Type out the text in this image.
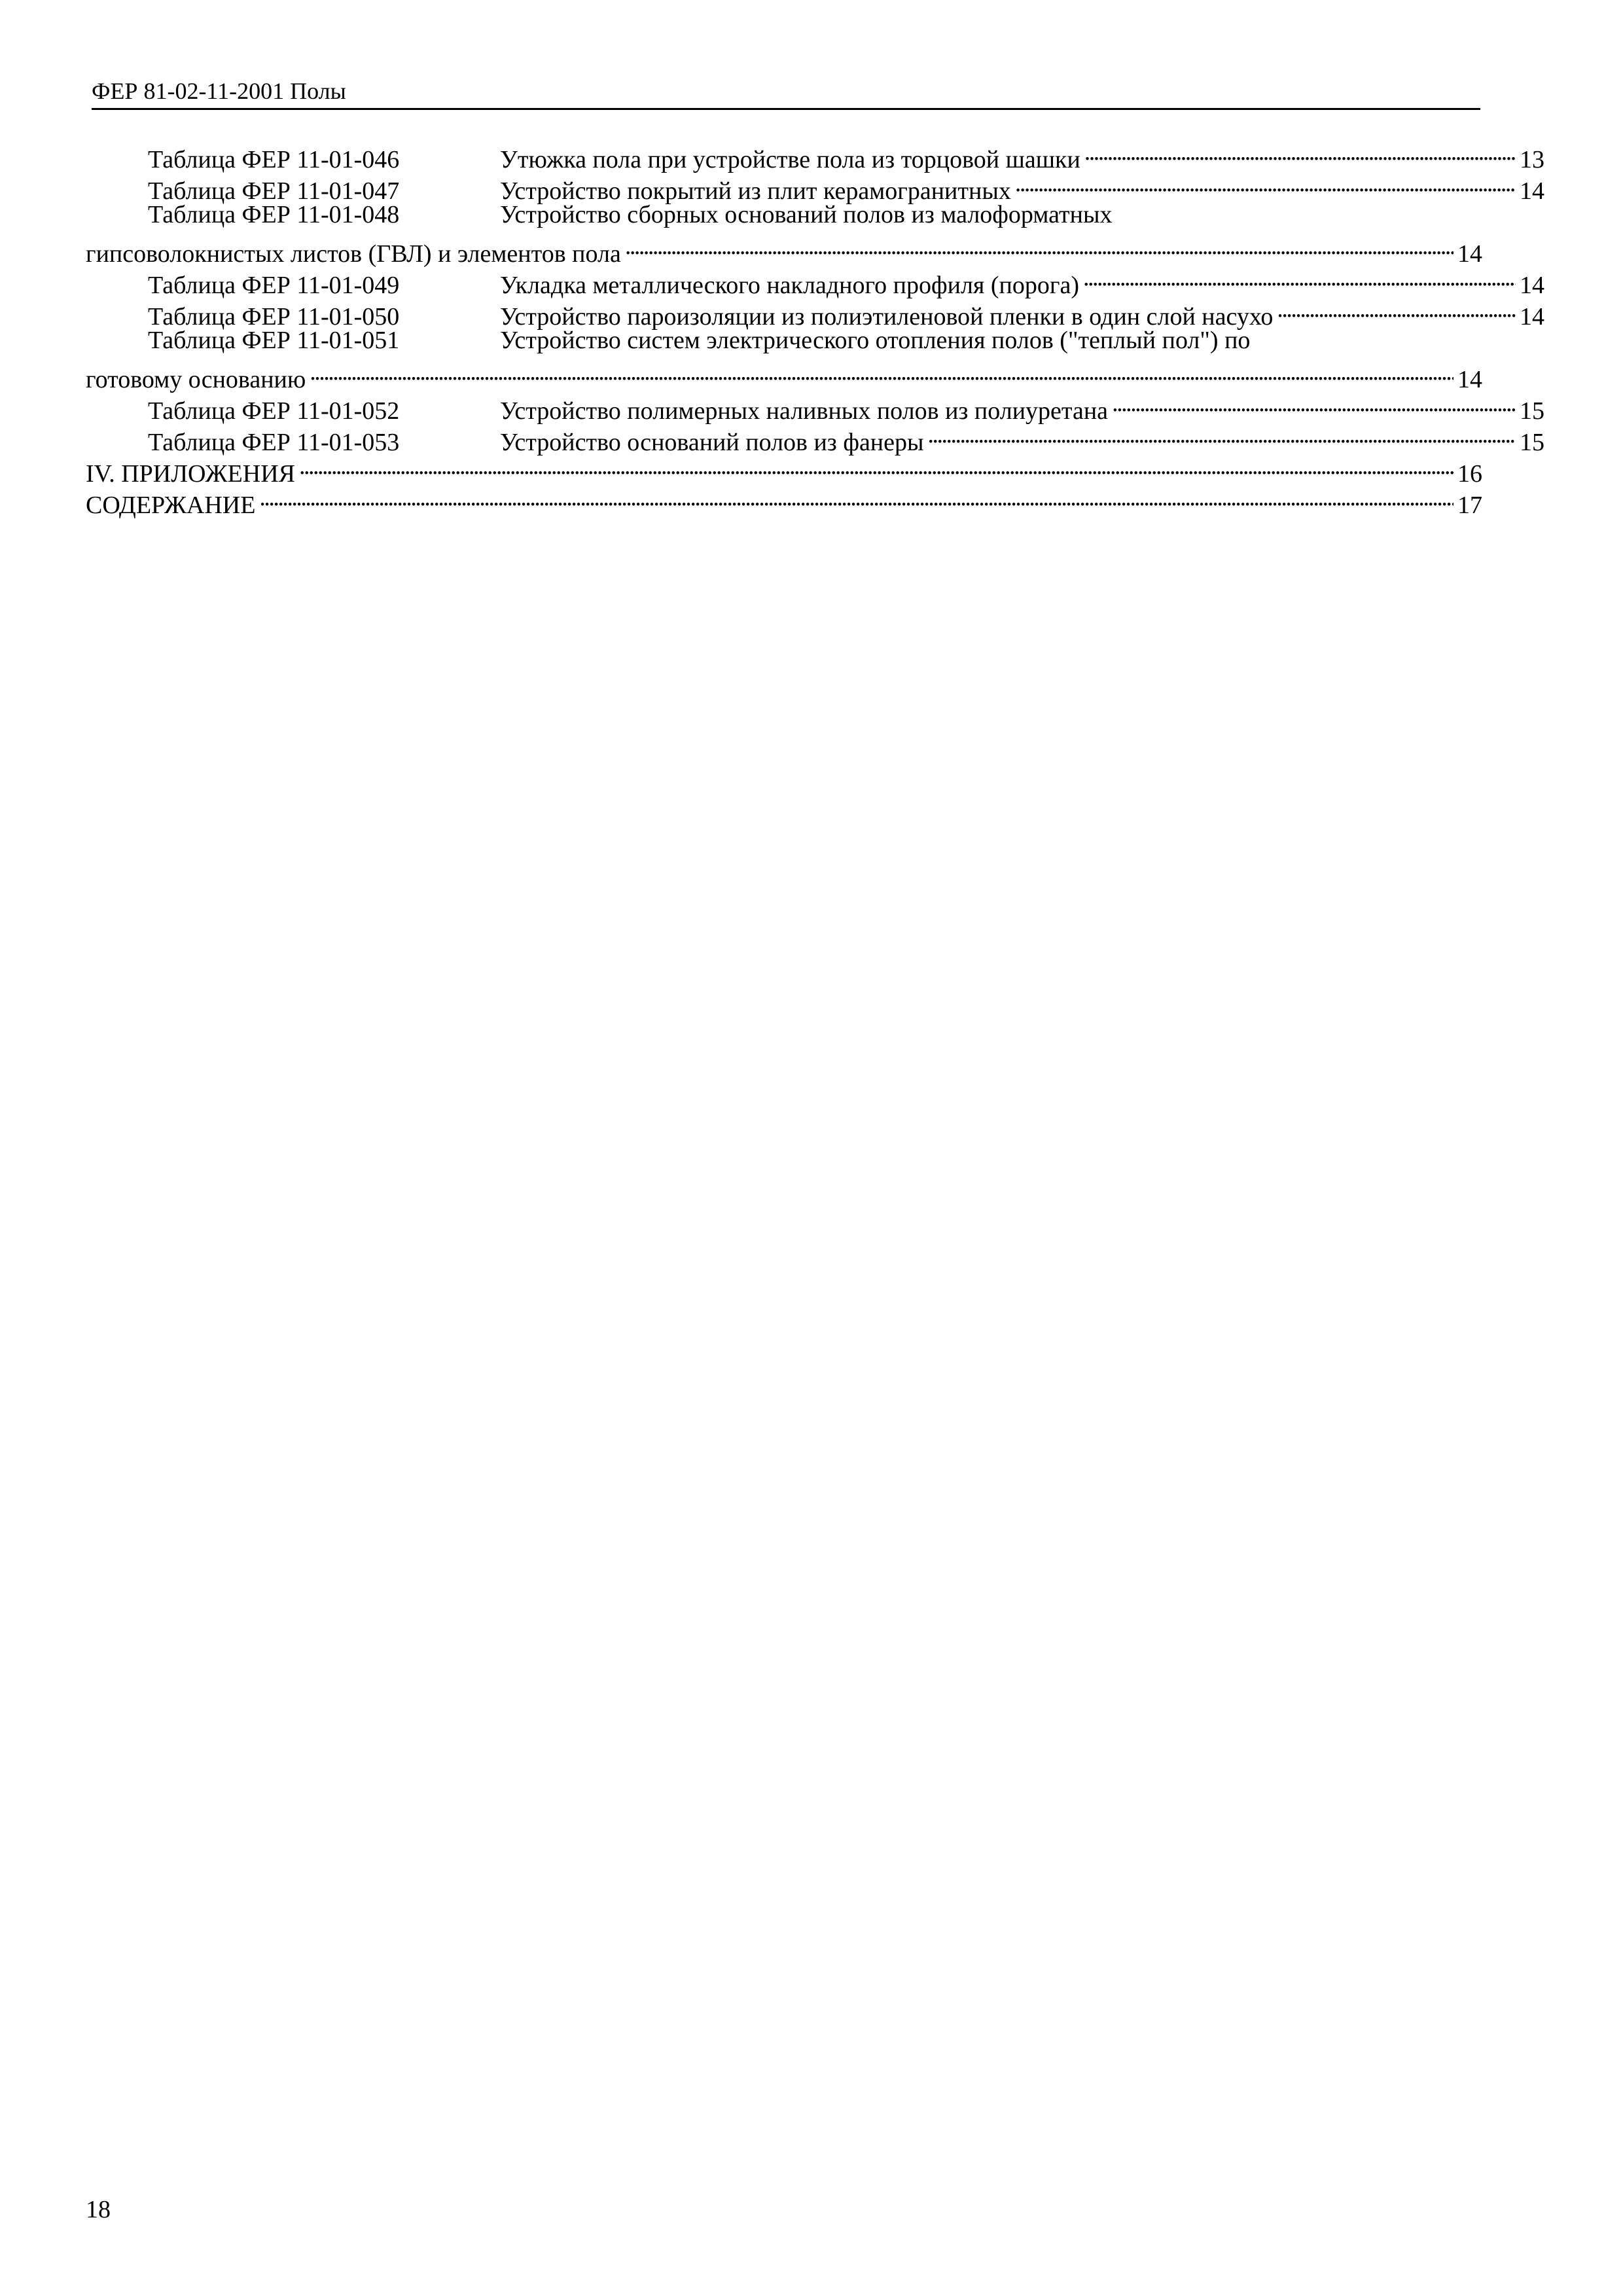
ФЕР 81-02-11-2001 Полы
Таблица ФЕР 11-01-046	Утюжка пола при устройстве пола из торцовой шашки . . .	13
Таблица ФЕР 11-01-047	Устройство покрытий из плит керамогранитных . . .	14
Таблица ФЕР 11-01-048	Устройство сборных оснований полов из малоформатных
гипсоволокнистых листов (ГВЛ) и элементов пола . . .	14
Таблица ФЕР 11-01-049	Укладка металлического накладного профиля (порога) . . .	14
Таблица ФЕР 11-01-050	Устройство пароизоляции из полиэтиленовой пленки в один слой насухо . . .	14
Таблица ФЕР 11-01-051	Устройство систем электрического отопления полов ("теплый пол") по
готовому основанию . . .	14
Таблица ФЕР 11-01-052	Устройство полимерных наливных полов из полиуретана . . .	15
Таблица ФЕР 11-01-053	Устройство оснований полов из фанеры . . .	15
IV. ПРИЛОЖЕНИЯ . . .	16
СОДЕРЖАНИЕ . . .	17
18
